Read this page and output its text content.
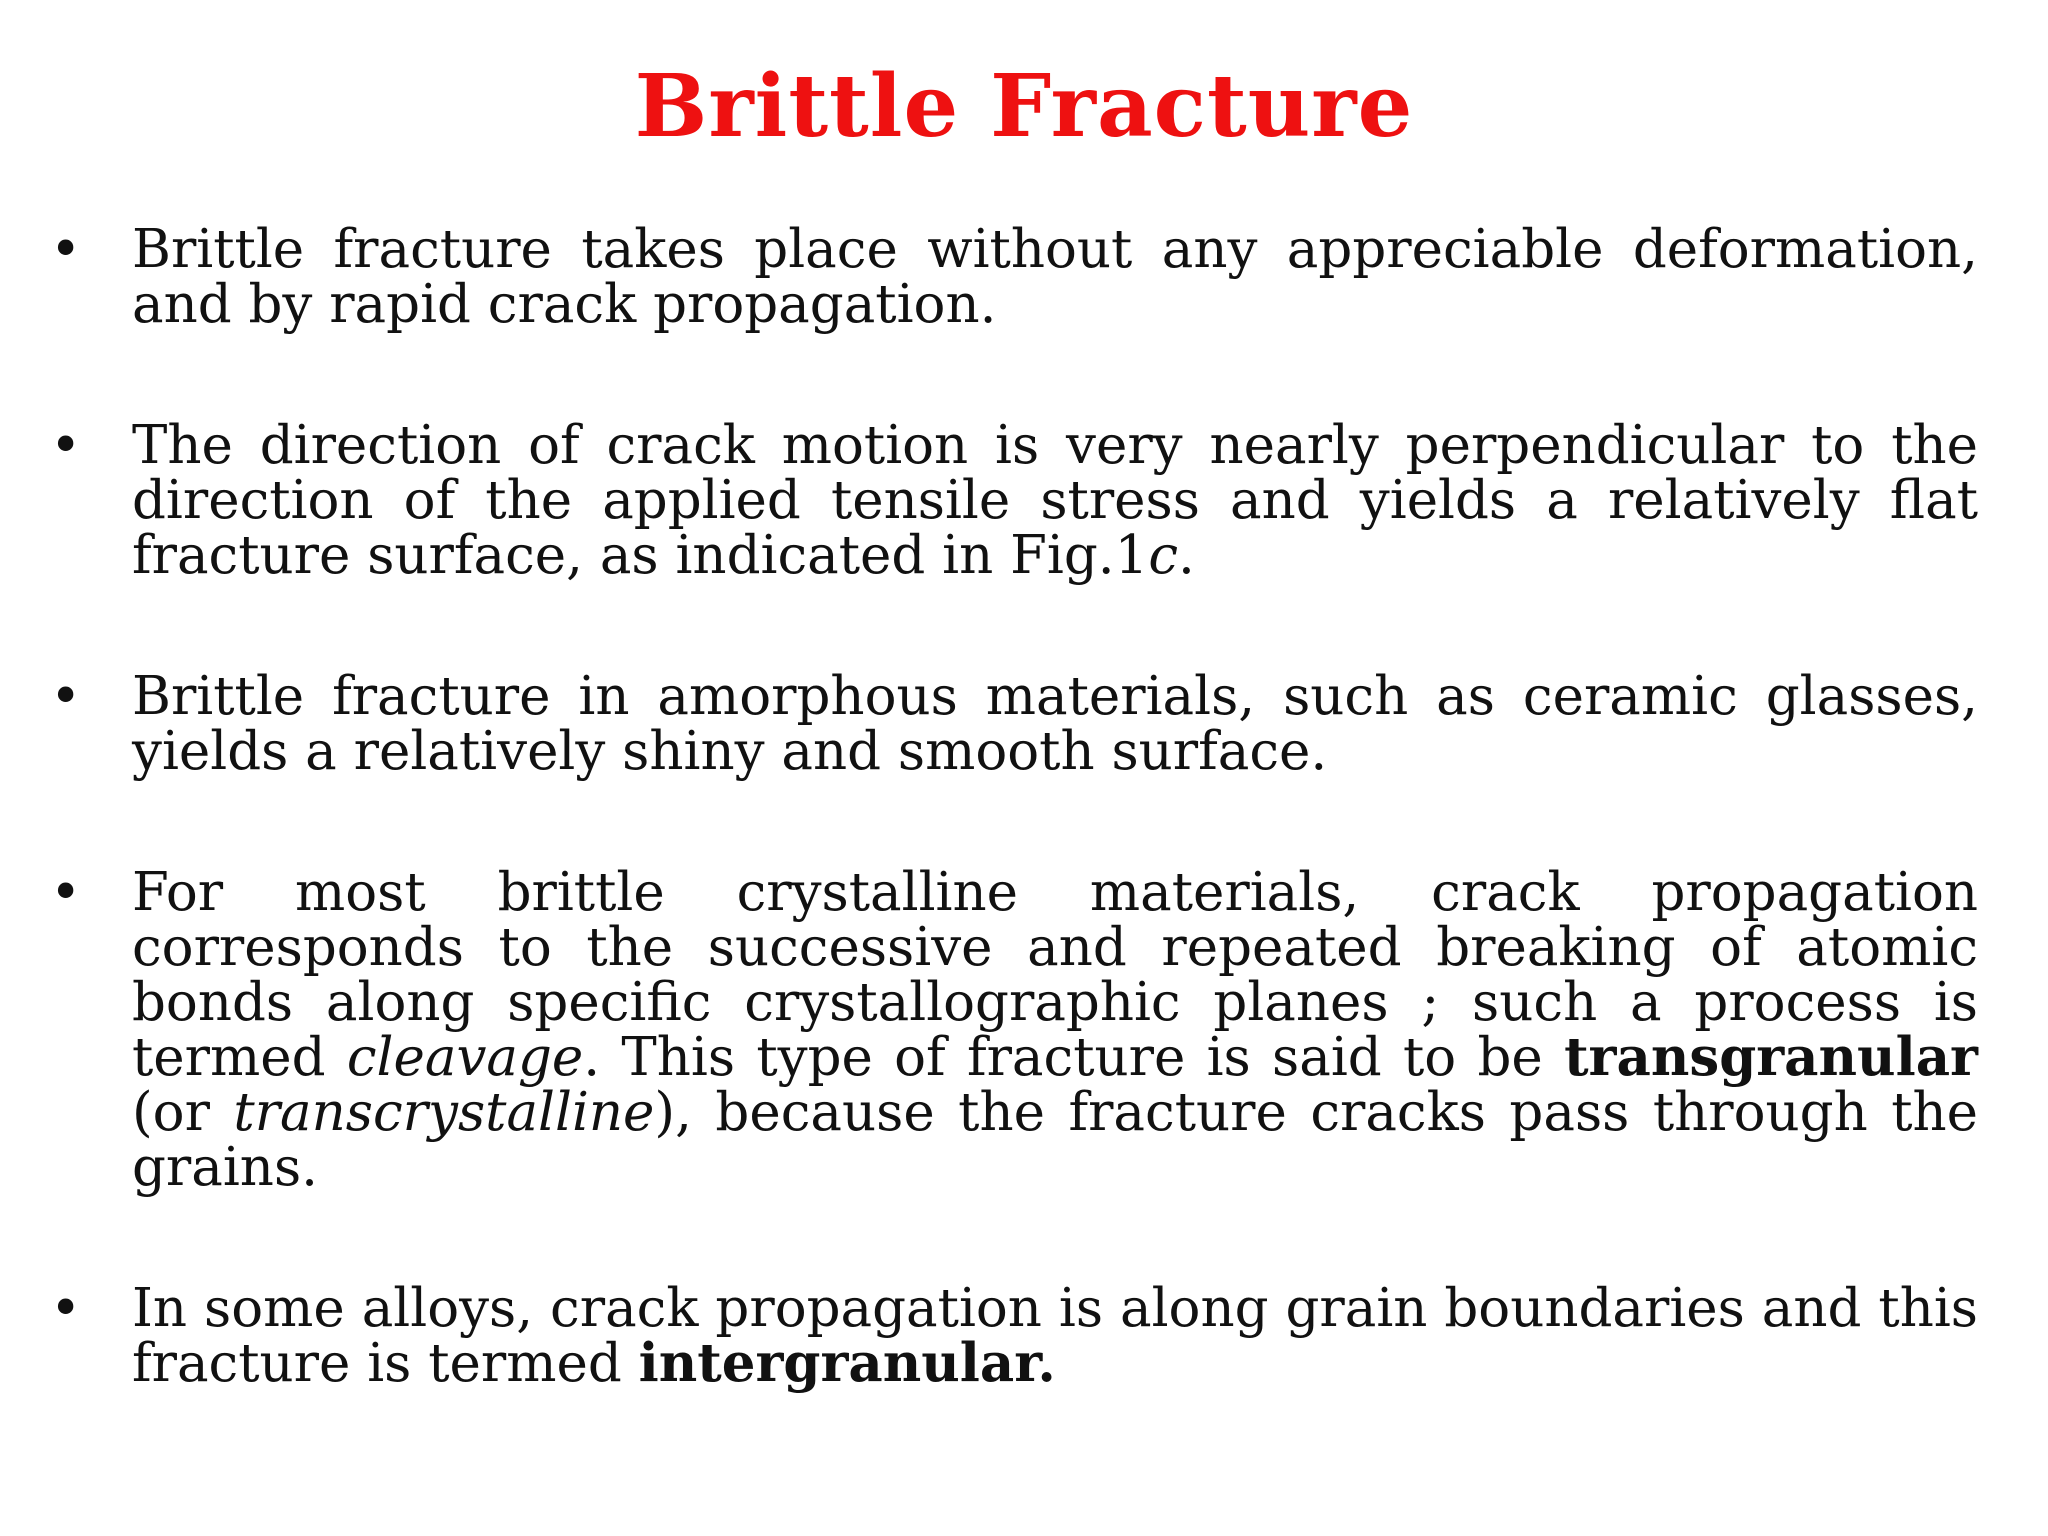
Brittle Fracture
• Brittle fracture takes place without any appreciable deformation, and by rapid crack propagation.
• The direction of crack motion is very nearly perpendicular to the direction of the applied tensile stress and yields a relatively flat fracture surface, as indicated in Fig.1c.
• Brittle fracture in amorphous materials, such as ceramic glasses, yields a relatively shiny and smooth surface.
• For most brittle crystalline materials, crack propagation corresponds to the successive and repeated breaking of atomic bonds along specific crystallographic planes ; such a process is termed cleavage. This type of fracture is said to be transgranular (or transcrystalline), because the fracture cracks pass through the grains.
• In some alloys, crack propagation is along grain boundaries and this fracture is termed intergranular.
